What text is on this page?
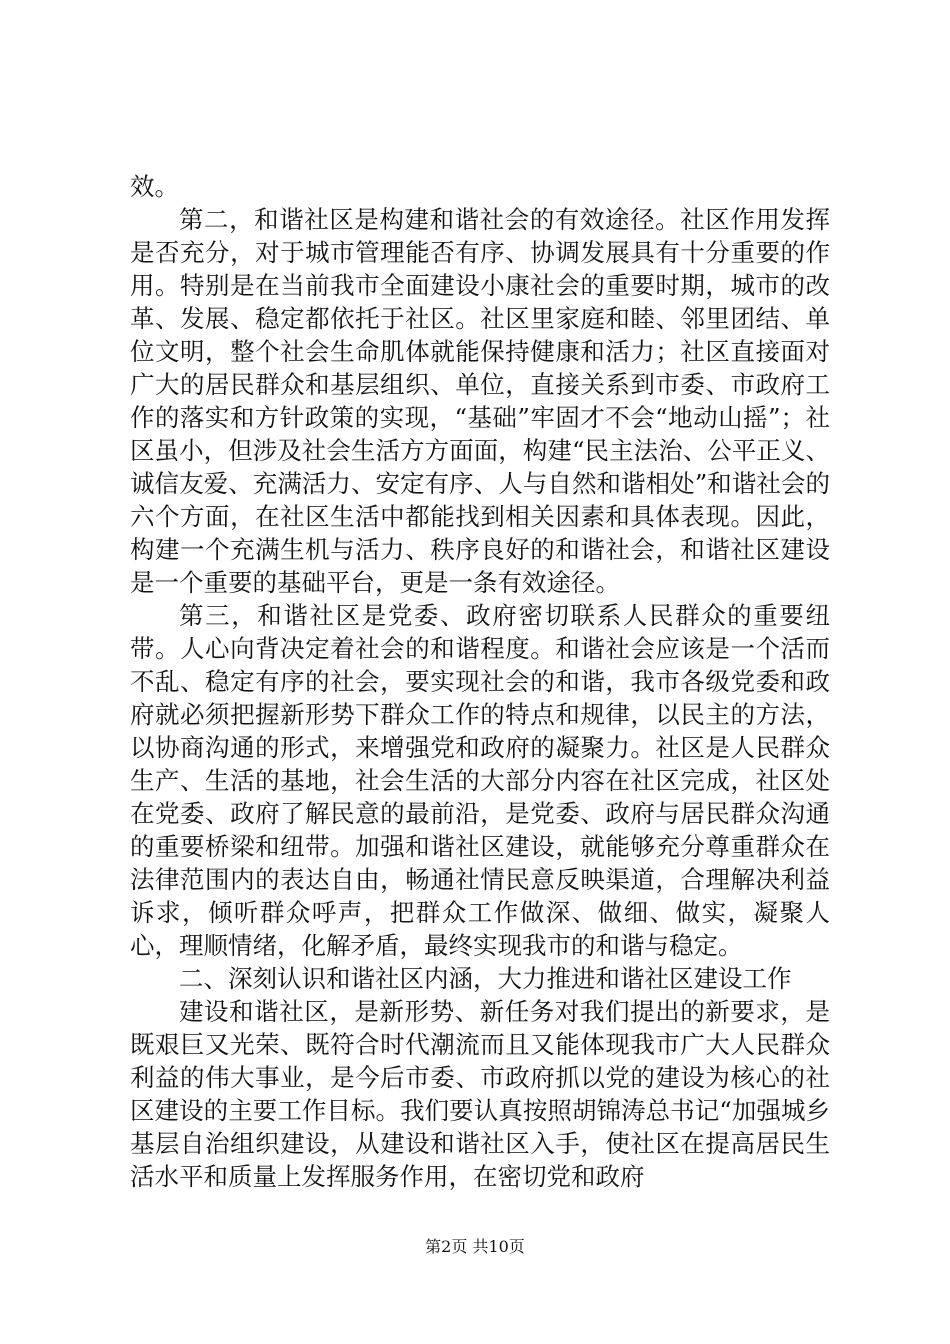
效。

第二，和谐社区是构建和谐社会的有效途径。社区作用发挥是否充分，对于城市管理能否有序、协调发展具有十分重要的作用。特别是在当前我市全面建设小康社会的重要时期，城市的改革、发展、稳定都依托于社区。社区里家庭和睦、邻里团结、单位文明，整个社会生命肌体就能保持健康和活力；社区直接面对广大的居民群众和基层组织、单位，直接关系到市委、市政府工作的落实和方针政策的实现，“基础”牢固才不会“地动山摇”；社区虽小，但涉及社会生活方方面面，构建“民主法治、公平正义、诚信友爱、充满活力、安定有序、人与自然和谐相处”和谐社会的六个方面，在社区生活中都能找到相关因素和具体表现。因此，构建一个充满生机与活力、秩序良好的和谐社会，和谐社区建设是一个重要的基础平台，更是一条有效途径。

第三，和谐社区是党委、政府密切联系人民群众的重要纽带。人心向背决定着社会的和谐程度。和谐社会应该是一个活而不乱、稳定有序的社会，要实现社会的和谐，我市各级党委和政府就必须把握新形势下群众工作的特点和规律，以民主的方法，以协商沟通的形式，来增强党和政府的凝聚力。社区是人民群众生产、生活的基地，社会生活的大部分内容在社区完成，社区处在党委、政府了解民意的最前沿，是党委、政府与居民群众沟通的重要桥梁和纽带。加强和谐社区建设，就能够充分尊重群众在法律范围内的表达自由，畅通社情民意反映渠道，合理解决利益诉求，倾听群众呼声，把群众工作做深、做细、做实，凝聚人心，理顺情绪，化解矛盾，最终实现我市的和谐与稳定。

二、深刻认识和谐社区内涵，大力推进和谐社区建设工作

建设和谐社区，是新形势、新任务对我们提出的新要求，是既艰巨又光荣、既符合时代潮流而且又能体现我市广大人民群众利益的伟大事业，是今后市委、市政府抓以党的建设为核心的社区建设的主要工作目标。我们要认真按照胡锦涛总书记“加强城乡基层自治组织建设，从建设和谐社区入手，使社区在提高居民生活水平和质量上发挥服务作用，在密切党和政府

第2页 共10页
